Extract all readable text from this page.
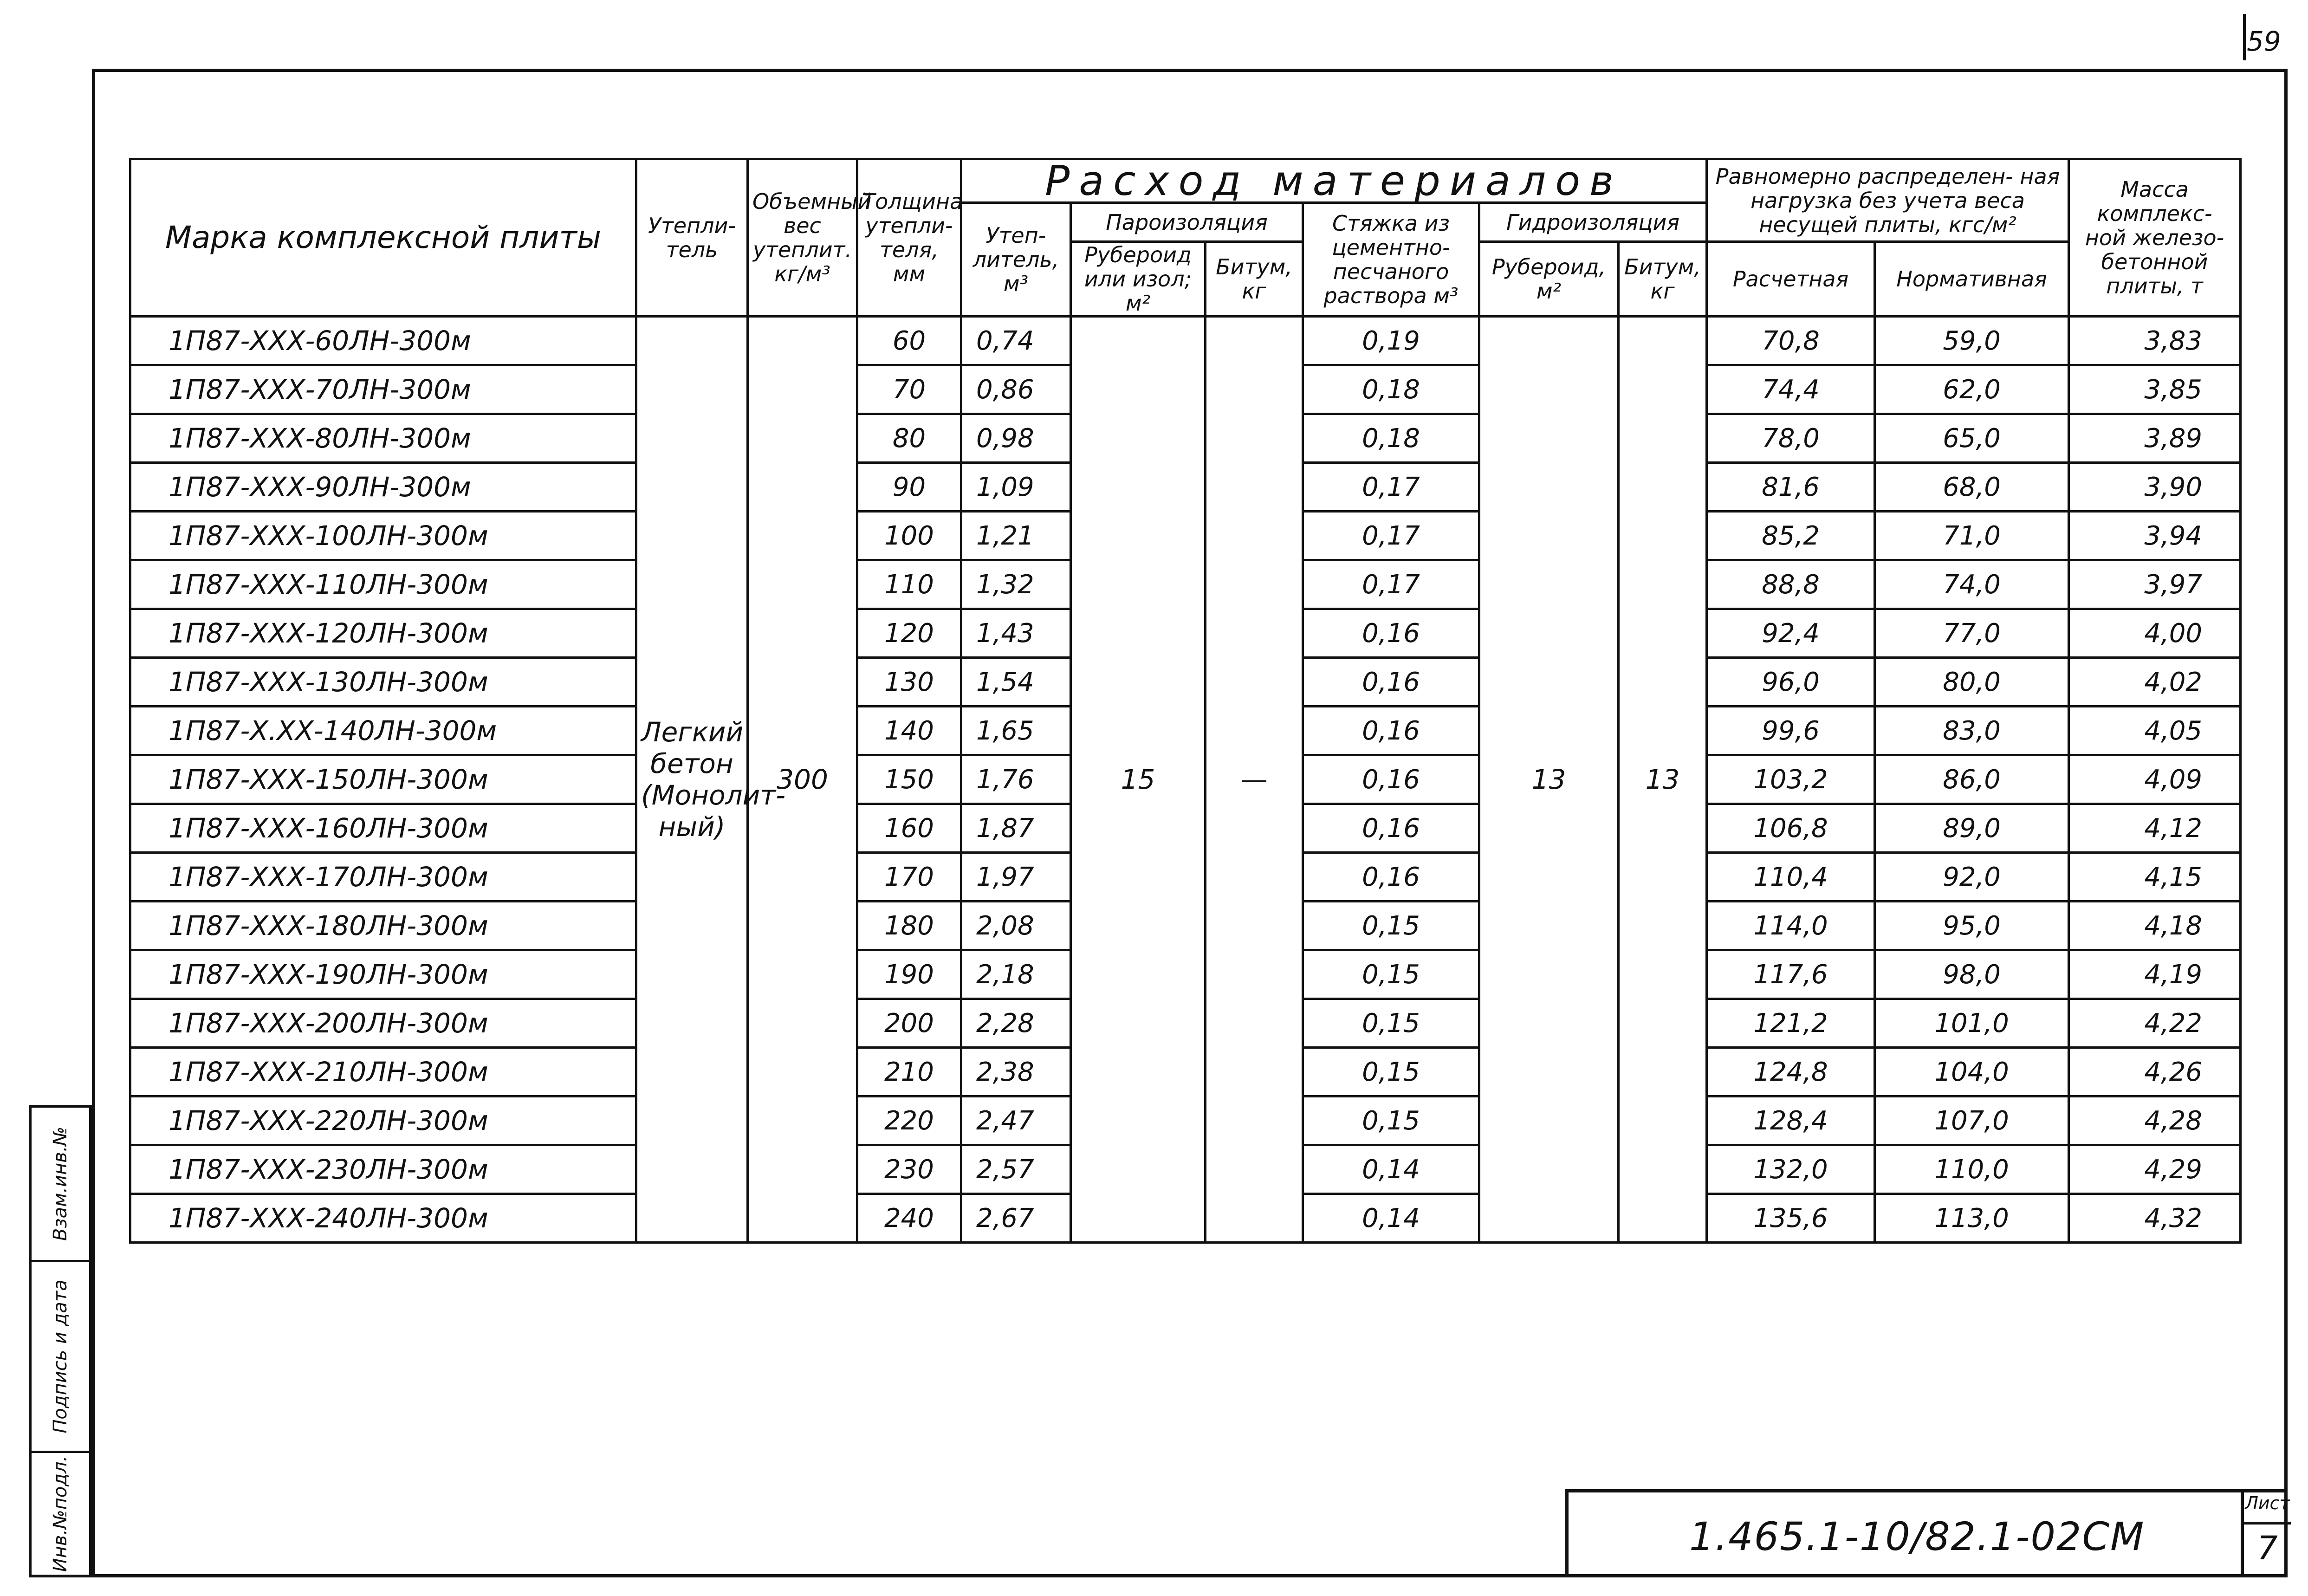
59
Взам.инв.№
Подпись и дата
Инв.№подл.
Марка комплексной плиты	Утепли- тель	Объемный вес утеплит. кг/м³	Толщина утепли- теля, мм	Расход материалов						Равномерно распределен- ная нагрузка без учета веса несущей плиты, кгс/м²		Масса комплекс- ной железо- бетонной плиты, т
				Утеп- литель, м³	Пароизоляция		Стяжка из цементно- песчаного раствора м³	Гидроизоляция				
					Рубероид или изол; м²	Битум, кг		Рубероид, м²	Битум, кг	Расчетная	Нормативная	
1П87-ХХХ-60ЛН-300м	Легкий бетон (Монолит- ный)	300	60	0,74	15	—	0,19	13	13	70,8	59,0	3,83
1П87-ХХХ-70ЛН-300м			70	0,86			0,18			74,4	62,0	3,85
1П87-ХХХ-80ЛН-300м			80	0,98			0,18			78,0	65,0	3,89
1П87-ХХХ-90ЛН-300м			90	1,09			0,17			81,6	68,0	3,90
1П87-ХХХ-100ЛН-300м			100	1,21			0,17			85,2	71,0	3,94
1П87-ХХХ-110ЛН-300м			110	1,32			0,17			88,8	74,0	3,97
1П87-ХХХ-120ЛН-300м			120	1,43			0,16			92,4	77,0	4,00
1П87-ХХХ-130ЛН-300м			130	1,54			0,16			96,0	80,0	4,02
1П87-Х.ХХ-140ЛН-300м			140	1,65			0,16			99,6	83,0	4,05
1П87-ХХХ-150ЛН-300м			150	1,76			0,16			103,2	86,0	4,09
1П87-ХХХ-160ЛН-300м			160	1,87			0,16			106,8	89,0	4,12
1П87-ХХХ-170ЛН-300м			170	1,97			0,16			110,4	92,0	4,15
1П87-ХХХ-180ЛН-300м			180	2,08			0,15			114,0	95,0	4,18
1П87-ХХХ-190ЛН-300м			190	2,18			0,15			117,6	98,0	4,19
1П87-ХХХ-200ЛН-300м			200	2,28			0,15			121,2	101,0	4,22
1П87-ХХХ-210ЛН-300м			210	2,38			0,15			124,8	104,0	4,26
1П87-ХХХ-220ЛН-300м			220	2,47			0,15			128,4	107,0	4,28
1П87-ХХХ-230ЛН-300м			230	2,57			0,14			132,0	110,0	4,29
1П87-ХХХ-240ЛН-300м			240	2,67			0,14			135,6	113,0	4,32
1.465.1-10/82.1-02СМ
Лист
7
